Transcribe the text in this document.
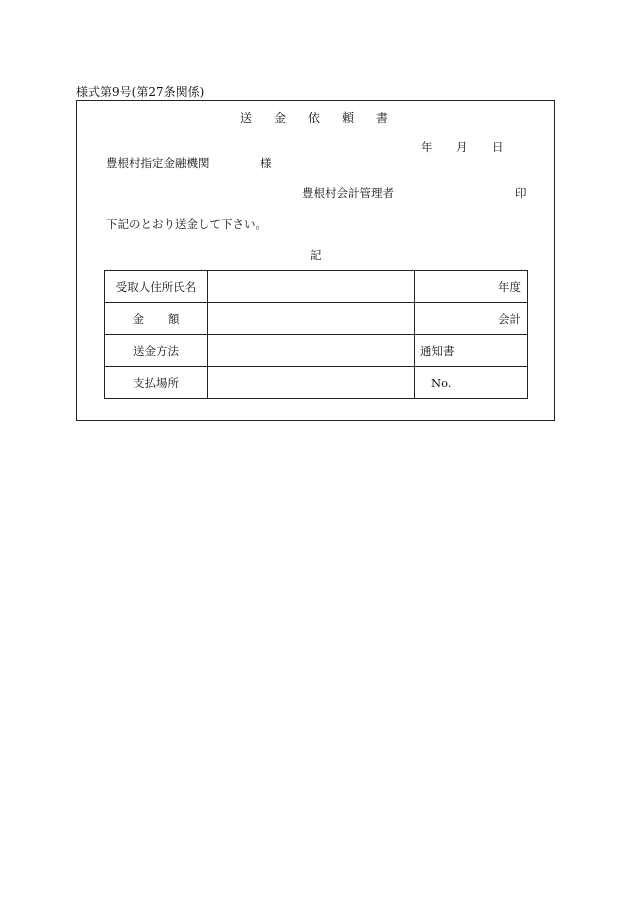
様式第9号(第27条関係)
送金依頼書
年 月 日
豊根村指定金融機関	様
豊根村会計管理者	印
下記のとおり送金して下さい。
記
受取人住所氏名		年度
金額		会計
送金方法		通知書
支払場所		No.
